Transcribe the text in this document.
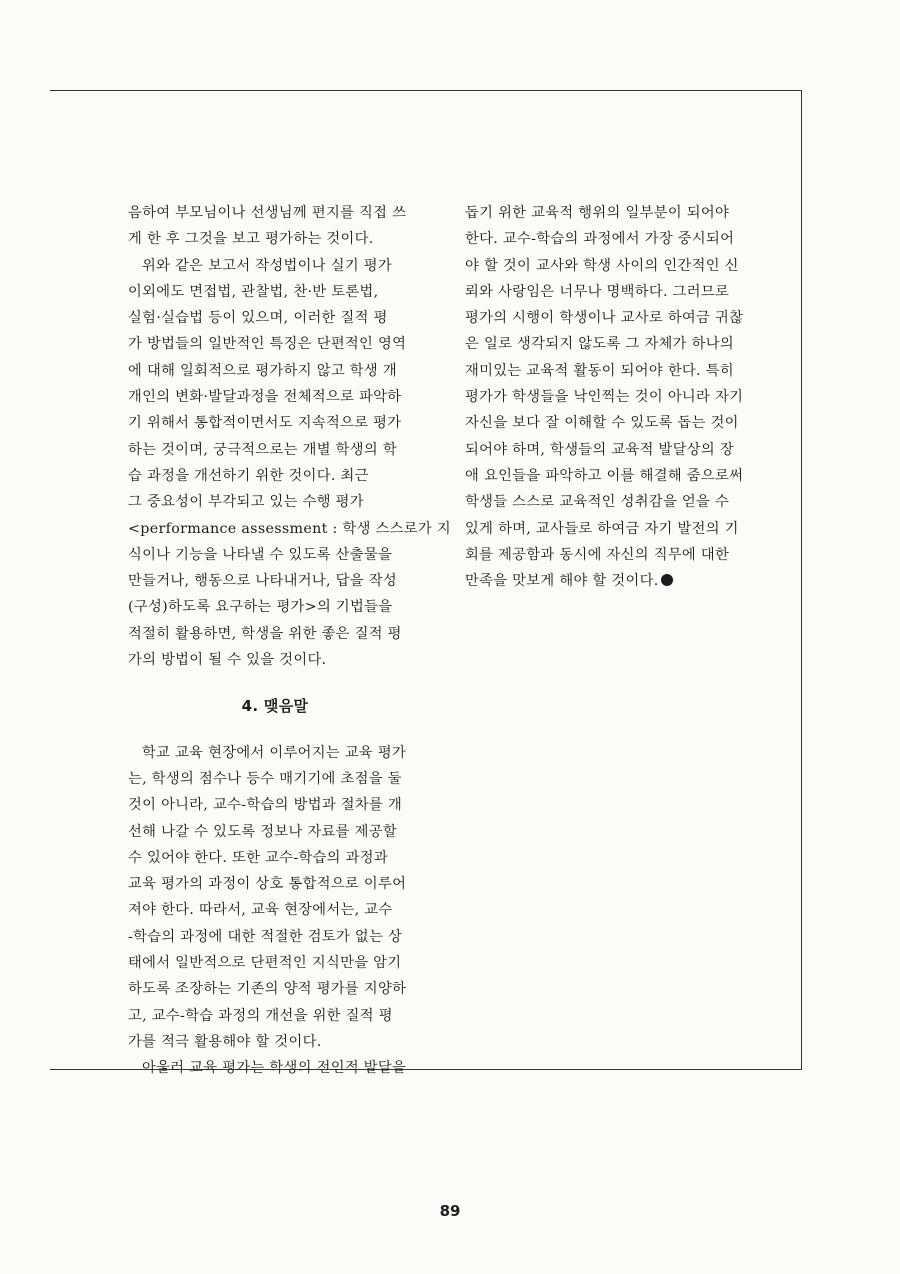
음하여 부모님이나 선생님께 편지를 직접 쓰
게 한 후 그것을 보고 평가하는 것이다.
위와 같은 보고서 작성법이나 실기 평가
이외에도 면접법, 관찰법, 찬·반 토론법,
실험·실습법 등이 있으며, 이러한 질적 평
가 방법들의 일반적인 특징은 단편적인 영역
에 대해 일회적으로 평가하지 않고 학생 개
개인의 변화·발달과정을 전체적으로 파악하
기 위해서 통합적이면서도 지속적으로 평가
하는 것이며, 궁극적으로는 개별 학생의 학
습 과정을 개선하기 위한 것이다. 최근
그 중요성이 부각되고 있는 수행 평가
<performance assessment : 학생 스스로가 지
식이나 기능을 나타낼 수 있도록 산출물을
만들거나, 행동으로 나타내거나, 답을 작성
(구성)하도록 요구하는 평가>의 기법들을
적절히 활용하면, 학생을 위한 좋은 질적 평
가의 방법이 될 수 있을 것이다.
4. 맺음말
학교 교육 현장에서 이루어지는 교육 평가
는, 학생의 점수나 등수 매기기에 초점을 둘
것이 아니라, 교수-학습의 방법과 절차를 개
선해 나갈 수 있도록 정보나 자료를 제공할
수 있어야 한다. 또한 교수-학습의 과정과
교육 평가의 과정이 상호 통합적으로 이루어
져야 한다. 따라서, 교육 현장에서는, 교수
-학습의 과정에 대한 적절한 검토가 없는 상
태에서 일반적으로 단편적인 지식만을 암기
하도록 조장하는 기존의 양적 평가를 지양하
고, 교수-학습 과정의 개선을 위한 질적 평
가를 적극 활용해야 할 것이다.
아울러 교육 평가는 학생의 전인적 발달을
돕기 위한 교육적 행위의 일부분이 되어야
한다. 교수-학습의 과정에서 가장 중시되어
야 할 것이 교사와 학생 사이의 인간적인 신
뢰와 사랑임은 너무나 명백하다. 그러므로
평가의 시행이 학생이나 교사로 하여금 귀찮
은 일로 생각되지 않도록 그 자체가 하나의
재미있는 교육적 활동이 되어야 한다. 특히
평가가 학생들을 낙인찍는 것이 아니라 자기
자신을 보다 잘 이해할 수 있도록 돕는 것이
되어야 하며, 학생들의 교육적 발달상의 장
애 요인들을 파악하고 이를 해결해 줌으로써
학생들 스스로 교육적인 성취감을 얻을 수
있게 하며, 교사들로 하여금 자기 발전의 기
회를 제공함과 동시에 자신의 직무에 대한
만족을 맛보게 해야 할 것이다.
89
